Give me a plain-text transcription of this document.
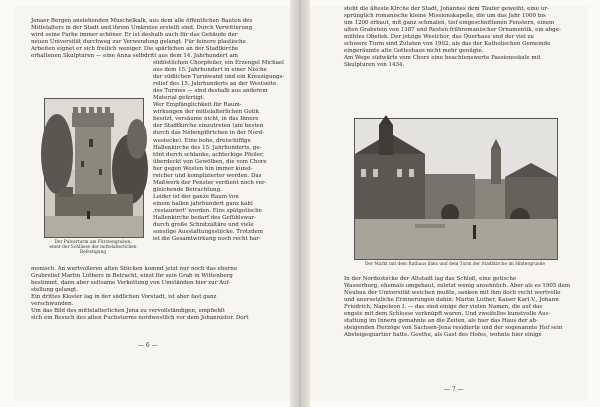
Jenaer Bergen anstehenden Muschelkalk, aus dem alle öffentlichen Bauten des
Mittelalters in der Stadt und ihrem Umkreise erstellt sind. Durch Verwitterung
wird seine Farbe immer schöner. Er ist deshalb auch für das Gebäude der
neuen Universität durchweg zur Verwendung gelangt. Für feinere plastische
Arbeiten eignet er sich freilich weniger. Die spärlichen an der Stadtkirche
erhaltenen Skulpturen — eine Anna selbdritt aus dem 14. Jahrhundert am
Der Pulverturm am Fürstengraben,
einer der Schlüsse der mittelalterlichen
Befestigung
südöstlichen Chorpfeiler, ein Erzengel Michael
aus dem 15. Jahrhundert in einer Nische
der südlichen Turmwand und ein Kreuzigungs-
relief des 15. Jahrhunderts an der Westseite
des Turmes — sind deshalb aus anderem
Material gefertigt.
Wer Empfänglichkeit für Raum-
wirkungen der mittelalterlichen Gotik
besitzt, versäume nicht, in das Innere
der Stadtkirche einzutreten (am besten
durch das Nebenpförtchen in der Nord-
westecke). Eine hohe, dreischiffige
Hallenkirche des 15. Jahrhunderts, ge-
tönt durch schlanke, achteckige Pfeiler,
überdeckt von Gewölben, die vom Chore
her gegen Westen hin immer kunst-
reicher und komplizierter werden. Das
Maßwerk der Fenster verdient noch ver-
gleichende Betrachtung.
Leider ist der ganze Raum von
einem hallen jahrhundert ganz kahl
‚restauriert' worden. Eins spätgotische
Hallenkirche bedarf des Gefühlswar-
durch große Schnitzaltäre und viele
sonstige Ausstattungsstücke. Trotzdem
ist die Gesamtwirkung noch recht har-
monisch. An wertvolleren alten Stücken kommt jetzt nur noch das eherne
Grabrelief Martin Luthers in Betracht, einst für sein Grab in Wittenberg
bestimmt, dann aber seltsame Verkettung von Umständen hier zur Auf-
stellung gelangt.
Ein drittes Kloster lag in der südlichen Vorstadt, ist aber fast ganz
verschwunden.
Um das Bild des mittelalterlichen Jena zu vervollständigen, empfiehlt
sich ein Besuch des alten Fuchsturms nordwestlich vor dem Johannistor. Dort
— 6 —
steht die älteste Kirche der Stadt, Johannes dem Täufer geweiht, eine ur-
sprünglich romanische kleine Missionskapelle, die um das Jahr 1000 bis
um 1200 erbaut, mit ganz schmalen, tief eingeschnittenen Fenstern, einem
alten Grabstein von 1387 und Resten frühromanischer Ornamentik, ein abge-
mühtes Obelisk. Der jetzige Westchor, das Querhaus und der viel zu
schwere Turm sind Zutaten von 1902, als das der Katholischen Gemeinde
eingeräumte alte Gotteshaus nicht mehr genügte.
Am Wege südwärts vom Chore eine beachtenswerte Passionssäule mit
Skulpturen von 1434.
Der Markt mit dem Rathaus links und dem Turm der Stadtkirche im Hintergrunde
In der Nordostecke der Altstadt lag das Schloß, eine gotische
Wasserburg, ehemals umgebaut, zuletzt wenig ansehnlich. Aber als es 1905 dem
Neubau der Universität weichen mußte, sanken mit ihm doch recht wertvolle
und unersetzliche Erinnerungen dahin: Martin Luther, Kaiser Karl V., Johann
Friedrich, Napoleon I. — das sind einige der vielen Namen, die auf das
engste mit dem Schlosse verknüpft waren. Und zweifellos kunstvolle Aus-
stattung im Innern gemahnte an die Zeiten, als hier das Haus der ab-
steigenden Herzöge von Sachsen-Jena residierte und der sogenannte Hof sein
Absteigequartier hatte. Goethe, als Gast des Hofes, wohnte hier einige
— 7 —
